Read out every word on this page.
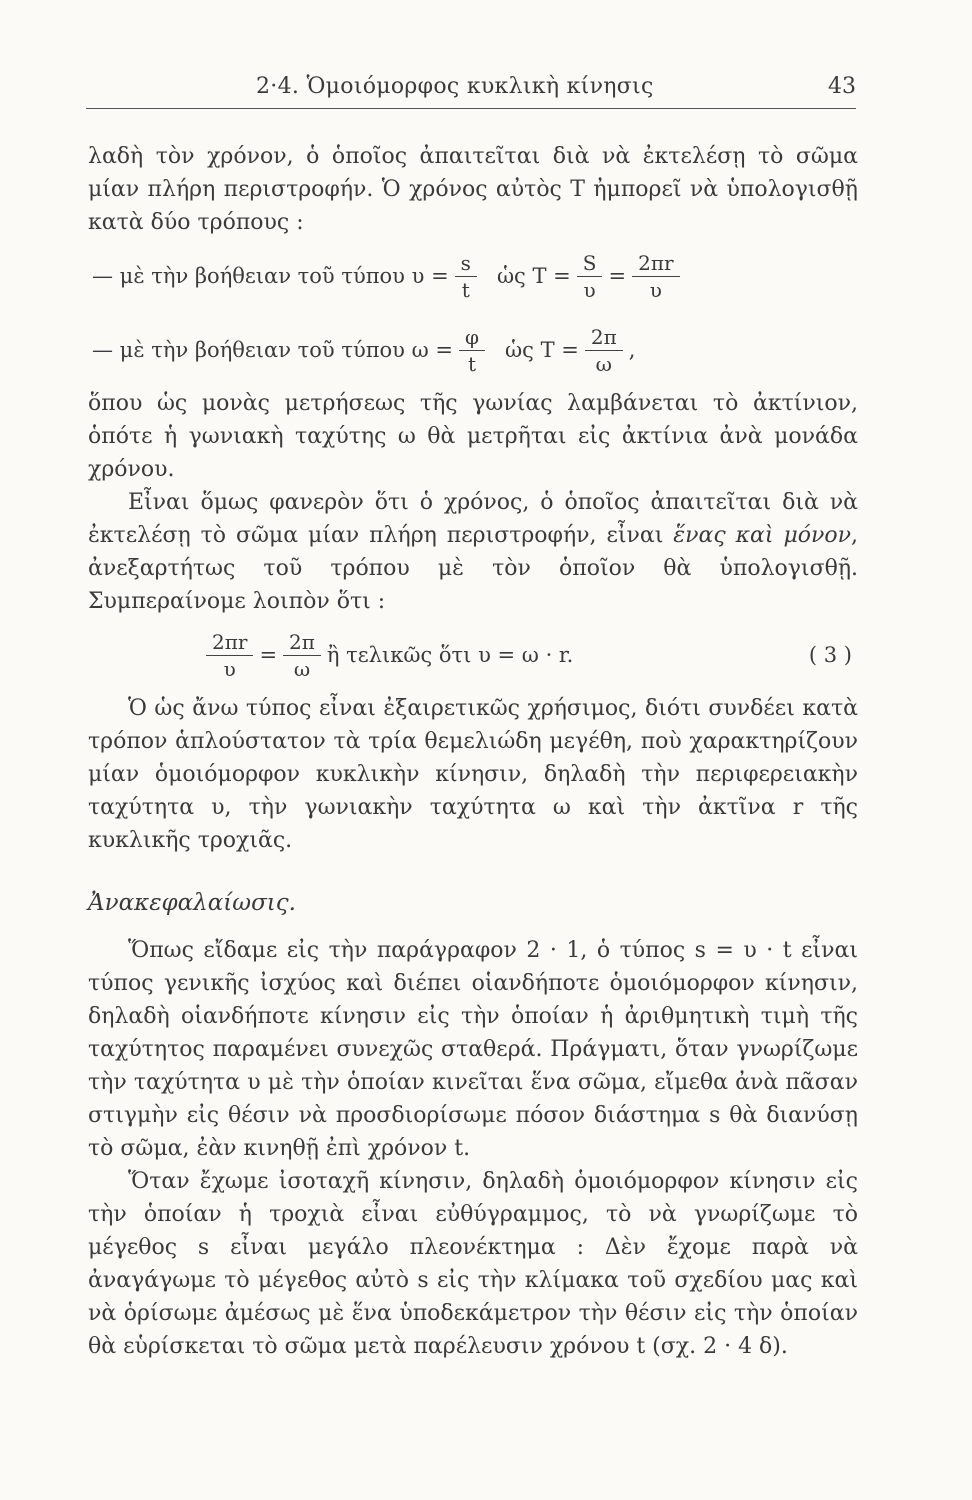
2·4. Ὁμοιόμορφος κυκλικὴ κίνησις	43

λαδὴ τὸν χρόνον, ὁ ὁποῖος ἀπαιτεῖται διὰ νὰ ἐκτελέσῃ τὸ σῶμα μίαν πλήρη περιστροφήν. Ὁ χρόνος αὐτὸς Τ ἠμπορεῖ νὰ ὑπολογισθῇ κατὰ δύο τρόπους :

— μὲ τὴν βοήθειαν τοῦ τύπου $\upsilon = \frac{s}{t}$ ὡς $T = \frac{S}{\upsilon} = \frac{2\pi r}{\upsilon}$
— μὲ τὴν βοήθειαν τοῦ τύπου $\omega = \frac{\varphi}{t}$ ὡς $T = \frac{2\pi}{\omega}$ ,

ὅπου ὡς μονὰς μετρήσεως τῆς γωνίας λαμβάνεται τὸ ἀκτίνιον, ὁπότε ἡ γωνιακὴ ταχύτης ω θὰ μετρῆται εἰς ἀκτίνια ἀνὰ μονάδα χρόνου.

Εἶναι ὅμως φανερὸν ὅτι ὁ χρόνος, ὁ ὁποῖος ἀπαιτεῖται διὰ νὰ ἐκτελέσῃ τὸ σῶμα μίαν πλήρη περιστροφήν, εἶναι ἕνας καὶ μόνον, ἀνεξαρτήτως τοῦ τρόπου μὲ τὸν ὁποῖον θὰ ὑπολογισθῇ. Συμπεραίνομε λοιπὸν ὅτι :

$\frac{2\pi r}{\upsilon} = \frac{2\pi}{\omega}$ ἢ τελικῶς ὅτι υ = ω · r.	( 3 )

Ὁ ὡς ἄνω τύπος εἶναι ἐξαιρετικῶς χρήσιμος, διότι συνδέει κατὰ τρόπον ἁπλούστατον τὰ τρία θεμελιώδη μεγέθη, ποὺ χαρακτηρίζουν μίαν ὁμοιόμορφον κυκλικὴν κίνησιν, δηλαδὴ τὴν περιφερειακὴν ταχύτητα υ, τὴν γωνιακὴν ταχύτητα ω καὶ τὴν ἀκτῖνα r τῆς κυκλικῆς τροχιᾶς.

Ἀνακεφαλαίωσις.

Ὅπως εἴδαμε εἰς τὴν παράγραφον 2 · 1, ὁ τύπος s = υ · t εἶναι τύπος γενικῆς ἰσχύος καὶ διέπει οἱανδήποτε ὁμοιόμορφον κίνησιν, δηλαδὴ οἱανδήποτε κίνησιν εἰς τὴν ὁποίαν ἡ ἀριθμητικὴ τιμὴ τῆς ταχύτητος παραμένει συνεχῶς σταθερά. Πράγματι, ὅταν γνωρίζωμε τὴν ταχύτητα υ μὲ τὴν ὁποίαν κινεῖται ἕνα σῶμα, εἴμεθα ἀνὰ πᾶσαν στιγμὴν εἰς θέσιν νὰ προσδιορίσωμε πόσον διάστημα s θὰ διανύσῃ τὸ σῶμα, ἐὰν κινηθῇ ἐπὶ χρόνον t.

Ὅταν ἔχωμε ἰσοταχῆ κίνησιν, δηλαδὴ ὁμοιόμορφον κίνησιν εἰς τὴν ὁποίαν ἡ τροχιὰ εἶναι εὐθύγραμμος, τὸ νὰ γνωρίζωμε τὸ μέγεθος s εἶναι μεγάλο πλεονέκτημα : Δὲν ἔχομε παρὰ νὰ ἀναγάγωμε τὸ μέγεθος αὐτὸ s εἰς τὴν κλίμακα τοῦ σχεδίου μας καὶ νὰ ὁρίσωμε ἀμέσως μὲ ἕνα ὑποδεκάμετρον τὴν θέσιν εἰς τὴν ὁποίαν θὰ εὑρίσκεται τὸ σῶμα μετὰ παρέλευσιν χρόνου t (σχ. 2 · 4 δ).
